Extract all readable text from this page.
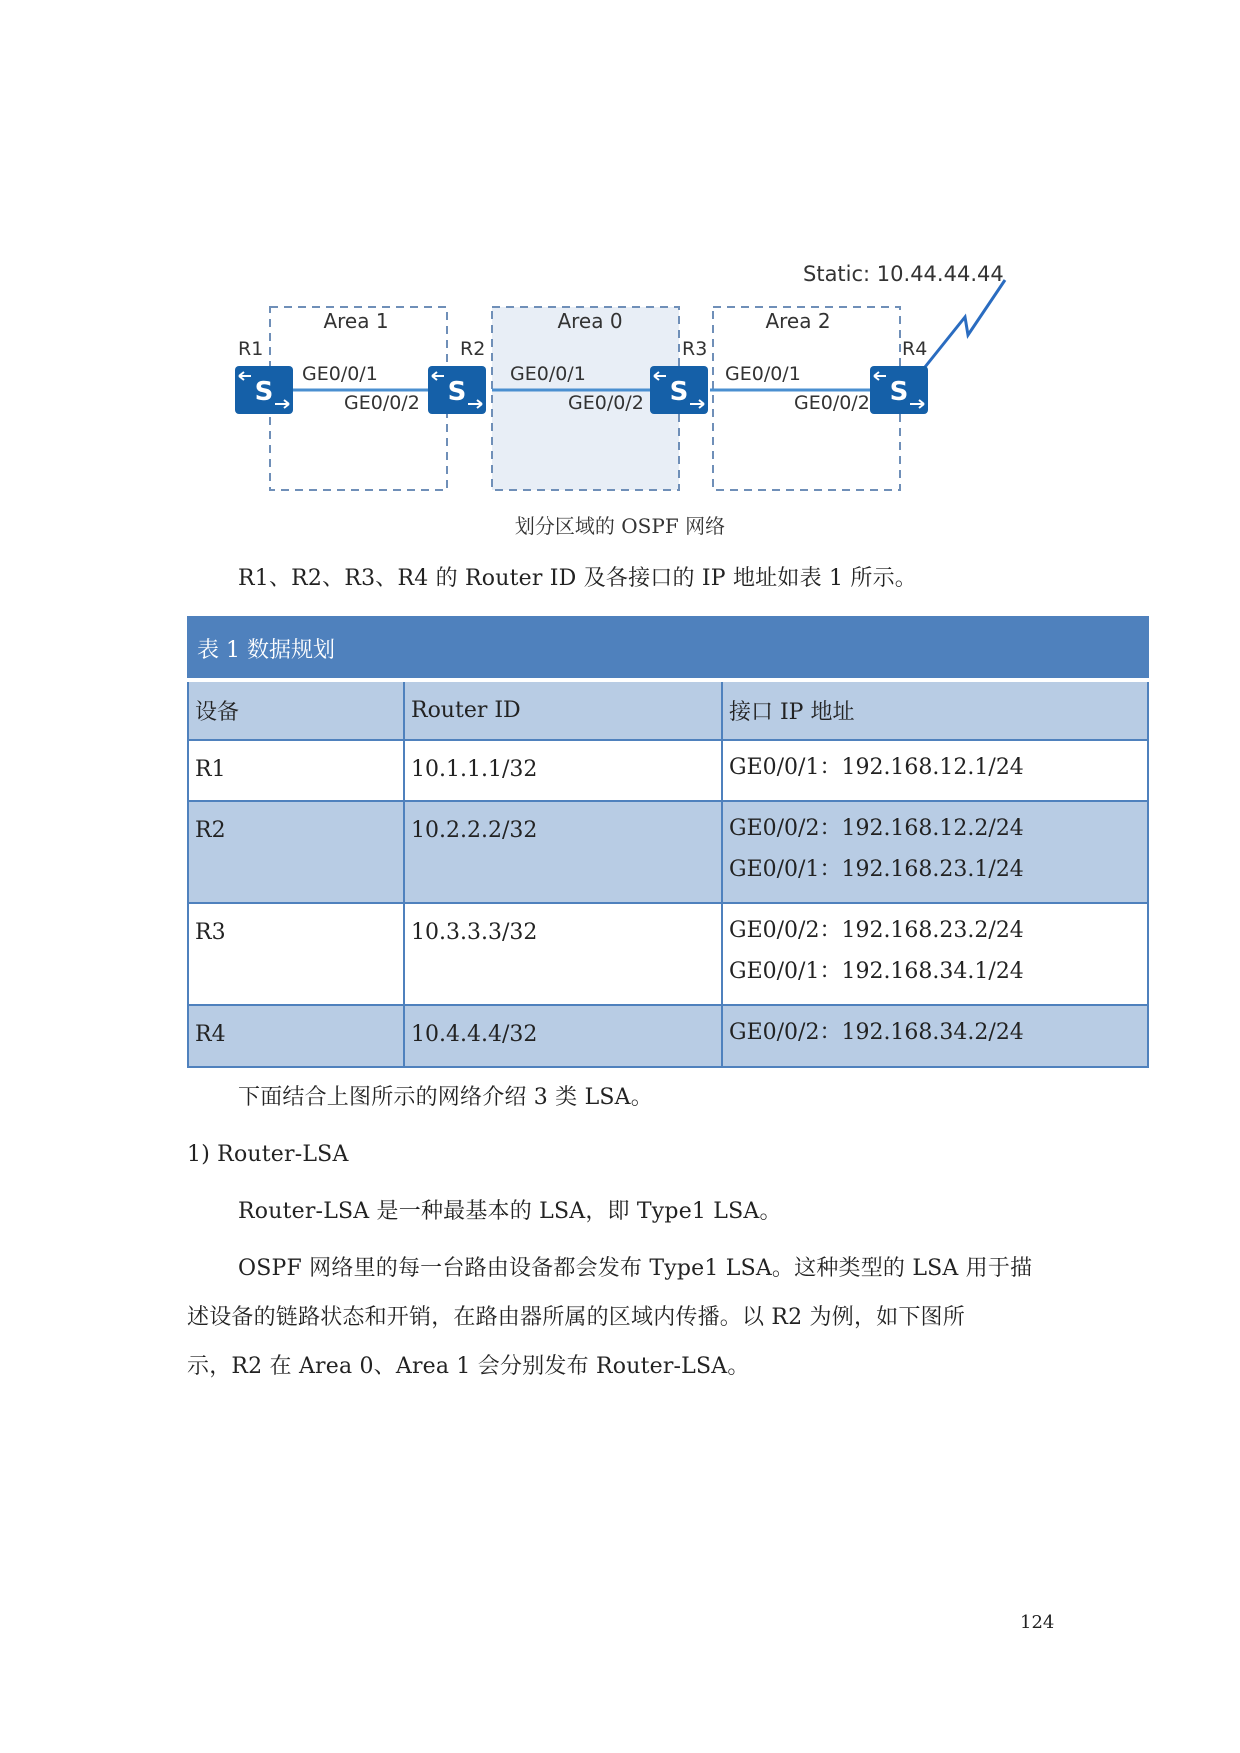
Area 1	Area 0	Area 2
Static: 10.44.44.44
GE0/0/1
GE0/0/2
GE0/0/1
GE0/0/2
GE0/0/1
GE0/0/2
R1	R2	R3	R4
S	S	S	S
划分区域的 OSPF 网络
R1、R2、R3、R4 的 Router ID 及各接口的 IP 地址如表 1 所示。
表 1 数据规划		
设备	Router ID	接口 IP 地址
R1	10.1.1.1/32	GE0/0/1：192.168.12.1/24

R2	10.2.2.2/32	GE0/0/2：192.168.12.2/24
GE0/0/1：192.168.23.1/24

R3	10.3.3.3/32	GE0/0/2：192.168.23.2/24
GE0/0/1：192.168.34.1/24

R4	10.4.4.4/32	GE0/0/2：192.168.34.2/24
下面结合上图所示的网络介绍 3 类 LSA。
1) Router-LSA
Router-LSA 是一种最基本的 LSA，即 Type1 LSA。
OSPF 网络里的每一台路由设备都会发布 Type1 LSA。这种类型的 LSA 用于描
述设备的链路状态和开销，在路由器所属的区域内传播。以 R2 为例，如下图所
示，R2 在 Area 0、Area 1 会分别发布 Router-LSA。
124
